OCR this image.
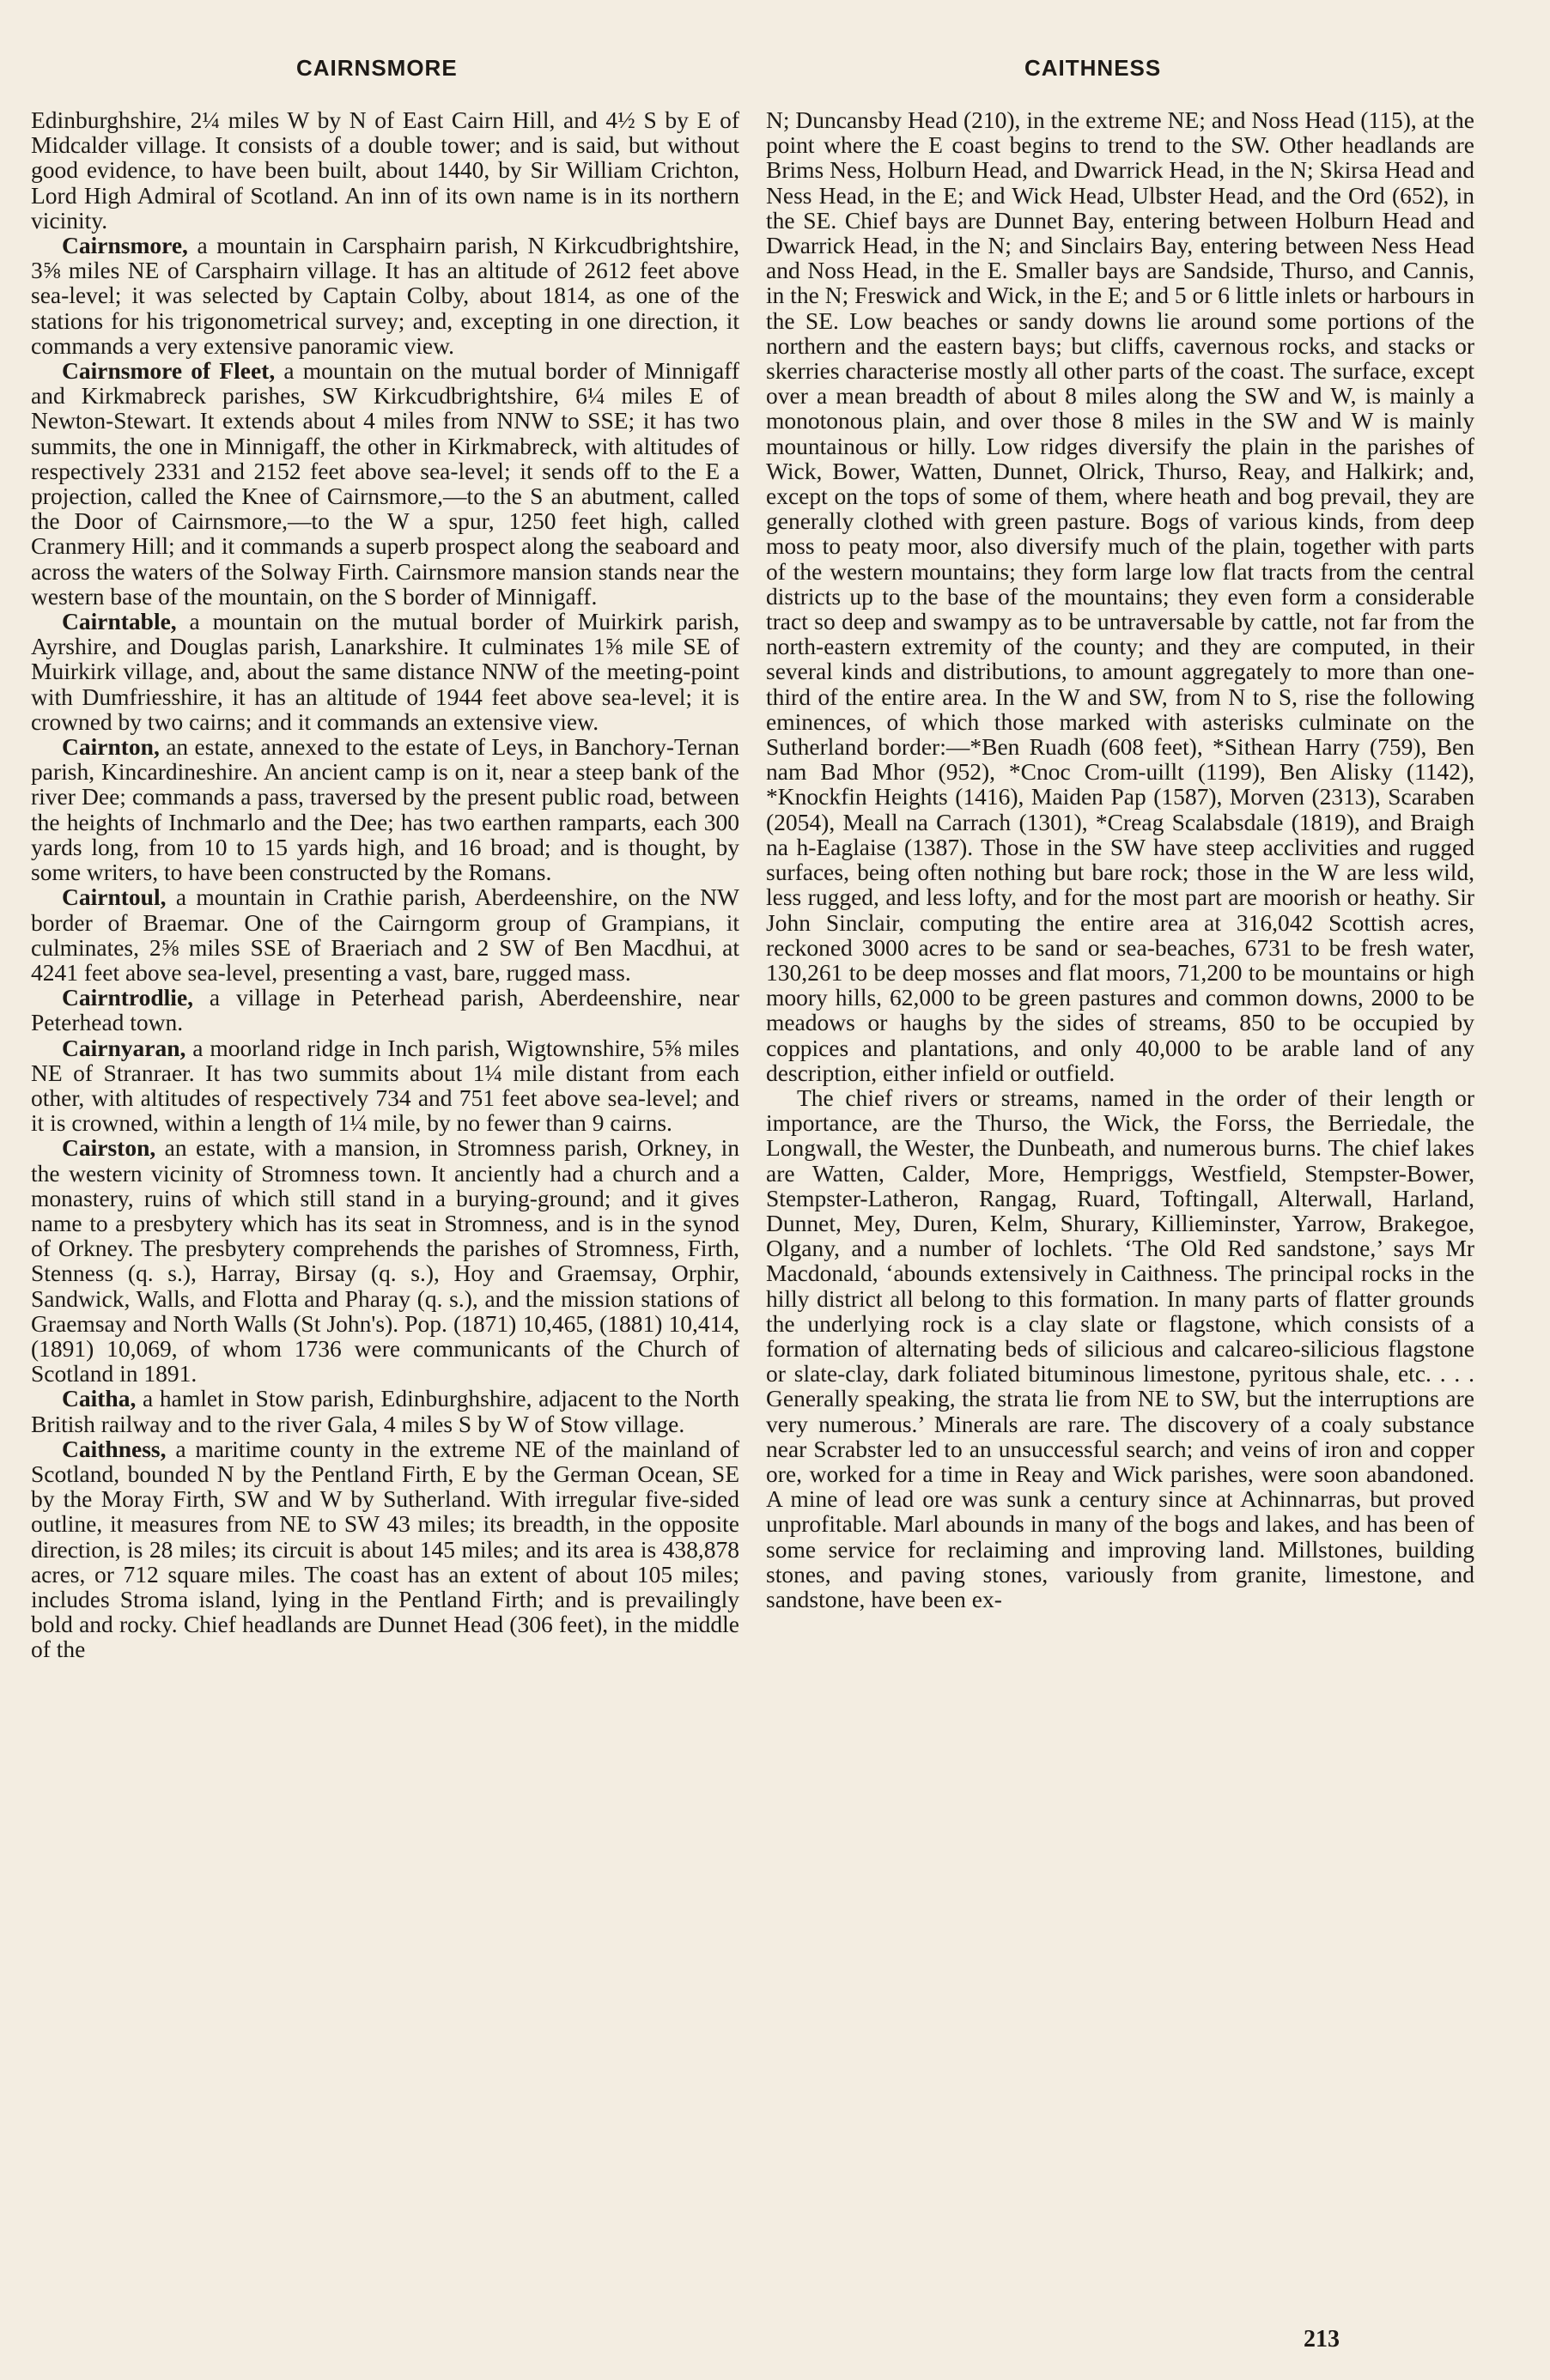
CAIRNSMORE	CAITHNESS

Edinburghshire, 2¼ miles W by N of East Cairn Hill, and 4½ S by E of Midcalder village. It consists of a double tower; and is said, but without good evidence, to have been built, about 1440, by Sir William Crichton, Lord High Admiral of Scotland. An inn of its own name is in its northern vicinity.

Cairnsmore, a mountain in Carsphairn parish, N Kirkcudbrightshire, 3⅝ miles NE of Carsphairn village. It has an altitude of 2612 feet above sea-level; it was selected by Captain Colby, about 1814, as one of the stations for his trigonometrical survey; and, excepting in one direction, it commands a very extensive panoramic view.

Cairnsmore of Fleet, a mountain on the mutual border of Minnigaff and Kirkmabreck parishes, SW Kirkcudbrightshire, 6¼ miles E of Newton-Stewart. It extends about 4 miles from NNW to SSE; it has two summits, the one in Minnigaff, the other in Kirkmabreck, with altitudes of respectively 2331 and 2152 feet above sea-level; it sends off to the E a projection, called the Knee of Cairnsmore,—to the S an abutment, called the Door of Cairnsmore,—to the W a spur, 1250 feet high, called Cranmery Hill; and it commands a superb prospect along the seaboard and across the waters of the Solway Firth. Cairnsmore mansion stands near the western base of the mountain, on the S border of Minnigaff.

Cairntable, a mountain on the mutual border of Muirkirk parish, Ayrshire, and Douglas parish, Lanarkshire. It culminates 1⅝ mile SE of Muirkirk village, and, about the same distance NNW of the meeting-point with Dumfriesshire, it has an altitude of 1944 feet above sea-level; it is crowned by two cairns; and it commands an extensive view.

Cairnton, an estate, annexed to the estate of Leys, in Banchory-Ternan parish, Kincardineshire. An ancient camp is on it, near a steep bank of the river Dee; commands a pass, traversed by the present public road, between the heights of Inchmarlo and the Dee; has two earthen ramparts, each 300 yards long, from 10 to 15 yards high, and 16 broad; and is thought, by some writers, to have been constructed by the Romans.

Cairntoul, a mountain in Crathie parish, Aberdeenshire, on the NW border of Braemar. One of the Cairngorm group of Grampians, it culminates, 2⅝ miles SSE of Braeriach and 2 SW of Ben Macdhui, at 4241 feet above sea-level, presenting a vast, bare, rugged mass.

Cairntrodlie, a village in Peterhead parish, Aberdeenshire, near Peterhead town.

Cairnyaran, a moorland ridge in Inch parish, Wigtownshire, 5⅝ miles NE of Stranraer. It has two summits about 1¼ mile distant from each other, with altitudes of respectively 734 and 751 feet above sea-level; and it is crowned, within a length of 1¼ mile, by no fewer than 9 cairns.

Cairston, an estate, with a mansion, in Stromness parish, Orkney, in the western vicinity of Stromness town. It anciently had a church and a monastery, ruins of which still stand in a burying-ground; and it gives name to a presbytery which has its seat in Stromness, and is in the synod of Orkney. The presbytery comprehends the parishes of Stromness, Firth, Stenness (q. s.), Harray, Birsay (q. s.), Hoy and Graemsay, Orphir, Sandwick, Walls, and Flotta and Pharay (q. s.), and the mission stations of Graemsay and North Walls (St John's). Pop. (1871) 10,465, (1881) 10,414, (1891) 10,069, of whom 1736 were communicants of the Church of Scotland in 1891.

Caitha, a hamlet in Stow parish, Edinburghshire, adjacent to the North British railway and to the river Gala, 4 miles S by W of Stow village.

Caithness, a maritime county in the extreme NE of the mainland of Scotland, bounded N by the Pentland Firth, E by the German Ocean, SE by the Moray Firth, SW and W by Sutherland. With irregular five-sided outline, it measures from NE to SW 43 miles; its breadth, in the opposite direction, is 28 miles; its circuit is about 145 miles; and its area is 438,878 acres, or 712 square miles. The coast has an extent of about 105 miles; includes Stroma island, lying in the Pentland Firth; and is prevailingly bold and rocky. Chief headlands are Dunnet Head (306 feet), in the middle of the

N; Duncansby Head (210), in the extreme NE; and Noss Head (115), at the point where the E coast begins to trend to the SW. Other headlands are Brims Ness, Holburn Head, and Dwarrick Head, in the N; Skirsa Head and Ness Head, in the E; and Wick Head, Ulbster Head, and the Ord (652), in the SE. Chief bays are Dunnet Bay, entering between Holburn Head and Dwarrick Head, in the N; and Sinclairs Bay, entering between Ness Head and Noss Head, in the E. Smaller bays are Sandside, Thurso, and Cannis, in the N; Freswick and Wick, in the E; and 5 or 6 little inlets or harbours in the SE. Low beaches or sandy downs lie around some portions of the northern and the eastern bays; but cliffs, cavernous rocks, and stacks or skerries characterise mostly all other parts of the coast. The surface, except over a mean breadth of about 8 miles along the SW and W, is mainly a monotonous plain, and over those 8 miles in the SW and W is mainly mountainous or hilly. Low ridges diversify the plain in the parishes of Wick, Bower, Watten, Dunnet, Olrick, Thurso, Reay, and Halkirk; and, except on the tops of some of them, where heath and bog prevail, they are generally clothed with green pasture. Bogs of various kinds, from deep moss to peaty moor, also diversify much of the plain, together with parts of the western mountains; they form large low flat tracts from the central districts up to the base of the mountains; they even form a considerable tract so deep and swampy as to be untraversable by cattle, not far from the north-eastern extremity of the county; and they are computed, in their several kinds and distributions, to amount aggregately to more than one-third of the entire area. In the W and SW, from N to S, rise the following eminences, of which those marked with asterisks culminate on the Sutherland border:—*Ben Ruadh (608 feet), *Sithean Harry (759), Ben nam Bad Mhor (952), *Cnoc Crom-uillt (1199), Ben Alisky (1142), *Knockfin Heights (1416), Maiden Pap (1587), Morven (2313), Scaraben (2054), Meall na Carrach (1301), *Creag Scalabsdale (1819), and Braigh na h-Eaglaise (1387). Those in the SW have steep acclivities and rugged surfaces, being often nothing but bare rock; those in the W are less wild, less rugged, and less lofty, and for the most part are moorish or heathy. Sir John Sinclair, computing the entire area at 316,042 Scottish acres, reckoned 3000 acres to be sand or sea-beaches, 6731 to be fresh water, 130,261 to be deep mosses and flat moors, 71,200 to be mountains or high moory hills, 62,000 to be green pastures and common downs, 2000 to be meadows or haughs by the sides of streams, 850 to be occupied by coppices and plantations, and only 40,000 to be arable land of any description, either infield or outfield.

The chief rivers or streams, named in the order of their length or importance, are the Thurso, the Wick, the Forss, the Berriedale, the Longwall, the Wester, the Dunbeath, and numerous burns. The chief lakes are Watten, Calder, More, Hempriggs, Westfield, Stempster-Bower, Stempster-Latheron, Rangag, Ruard, Toftingall, Alterwall, Harland, Dunnet, Mey, Duren, Kelm, Shurary, Killieminster, Yarrow, Brakegoe, Olgany, and a number of lochlets. ‘The Old Red sandstone,’ says Mr Macdonald, ‘abounds extensively in Caithness. The principal rocks in the hilly district all belong to this formation. In many parts of flatter grounds the underlying rock is a clay slate or flagstone, which consists of a formation of alternating beds of silicious and calcareo-silicious flagstone or slate-clay, dark foliated bituminous limestone, pyritous shale, etc. . . . Generally speaking, the strata lie from NE to SW, but the interruptions are very numerous.’ Minerals are rare. The discovery of a coaly substance near Scrabster led to an unsuccessful search; and veins of iron and copper ore, worked for a time in Reay and Wick parishes, were soon abandoned. A mine of lead ore was sunk a century since at Achinnarras, but proved unprofitable. Marl abounds in many of the bogs and lakes, and has been of some service for reclaiming and improving land. Millstones, building stones, and paving stones, variously from granite, limestone, and sandstone, have been ex-

213
